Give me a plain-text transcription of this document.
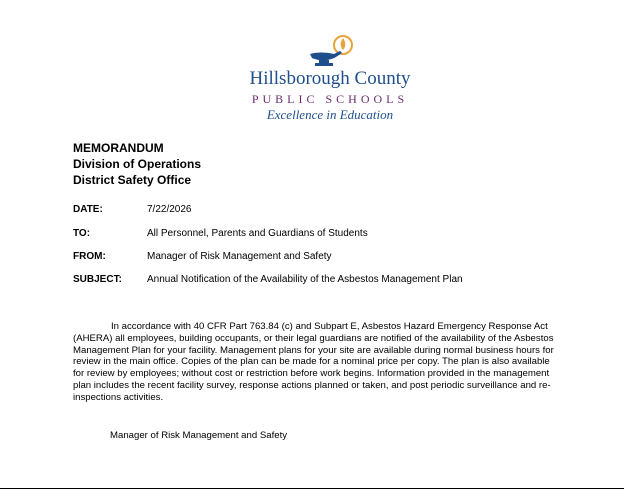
Hillsborough County
PUBLIC SCHOOLS
Excellence in Education
MEMORANDUM
Division of Operations
District Safety Office
DATE:	7/22/2026
TO:	All Personnel, Parents and Guardians of Students
FROM:	Manager of Risk Management and Safety
SUBJECT:	Annual Notification of the Availability of the Asbestos Management Plan
In accordance with 40 CFR Part 763.84 (c) and Subpart E, Asbestos Hazard Emergency Response Act (AHERA) all employees, building occupants, or their legal guardians are notified of the availability of the Asbestos Management Plan for your facility. Management plans for your site are available during normal business hours for review in the main office. Copies of the plan can be made for a nominal price per copy. The plan is also available for review by employees; without cost or restriction before work begins. Information provided in the management plan includes the recent facility survey, response actions planned or taken, and post periodic surveillance and re-inspections activities.
Manager of Risk Management and Safety
